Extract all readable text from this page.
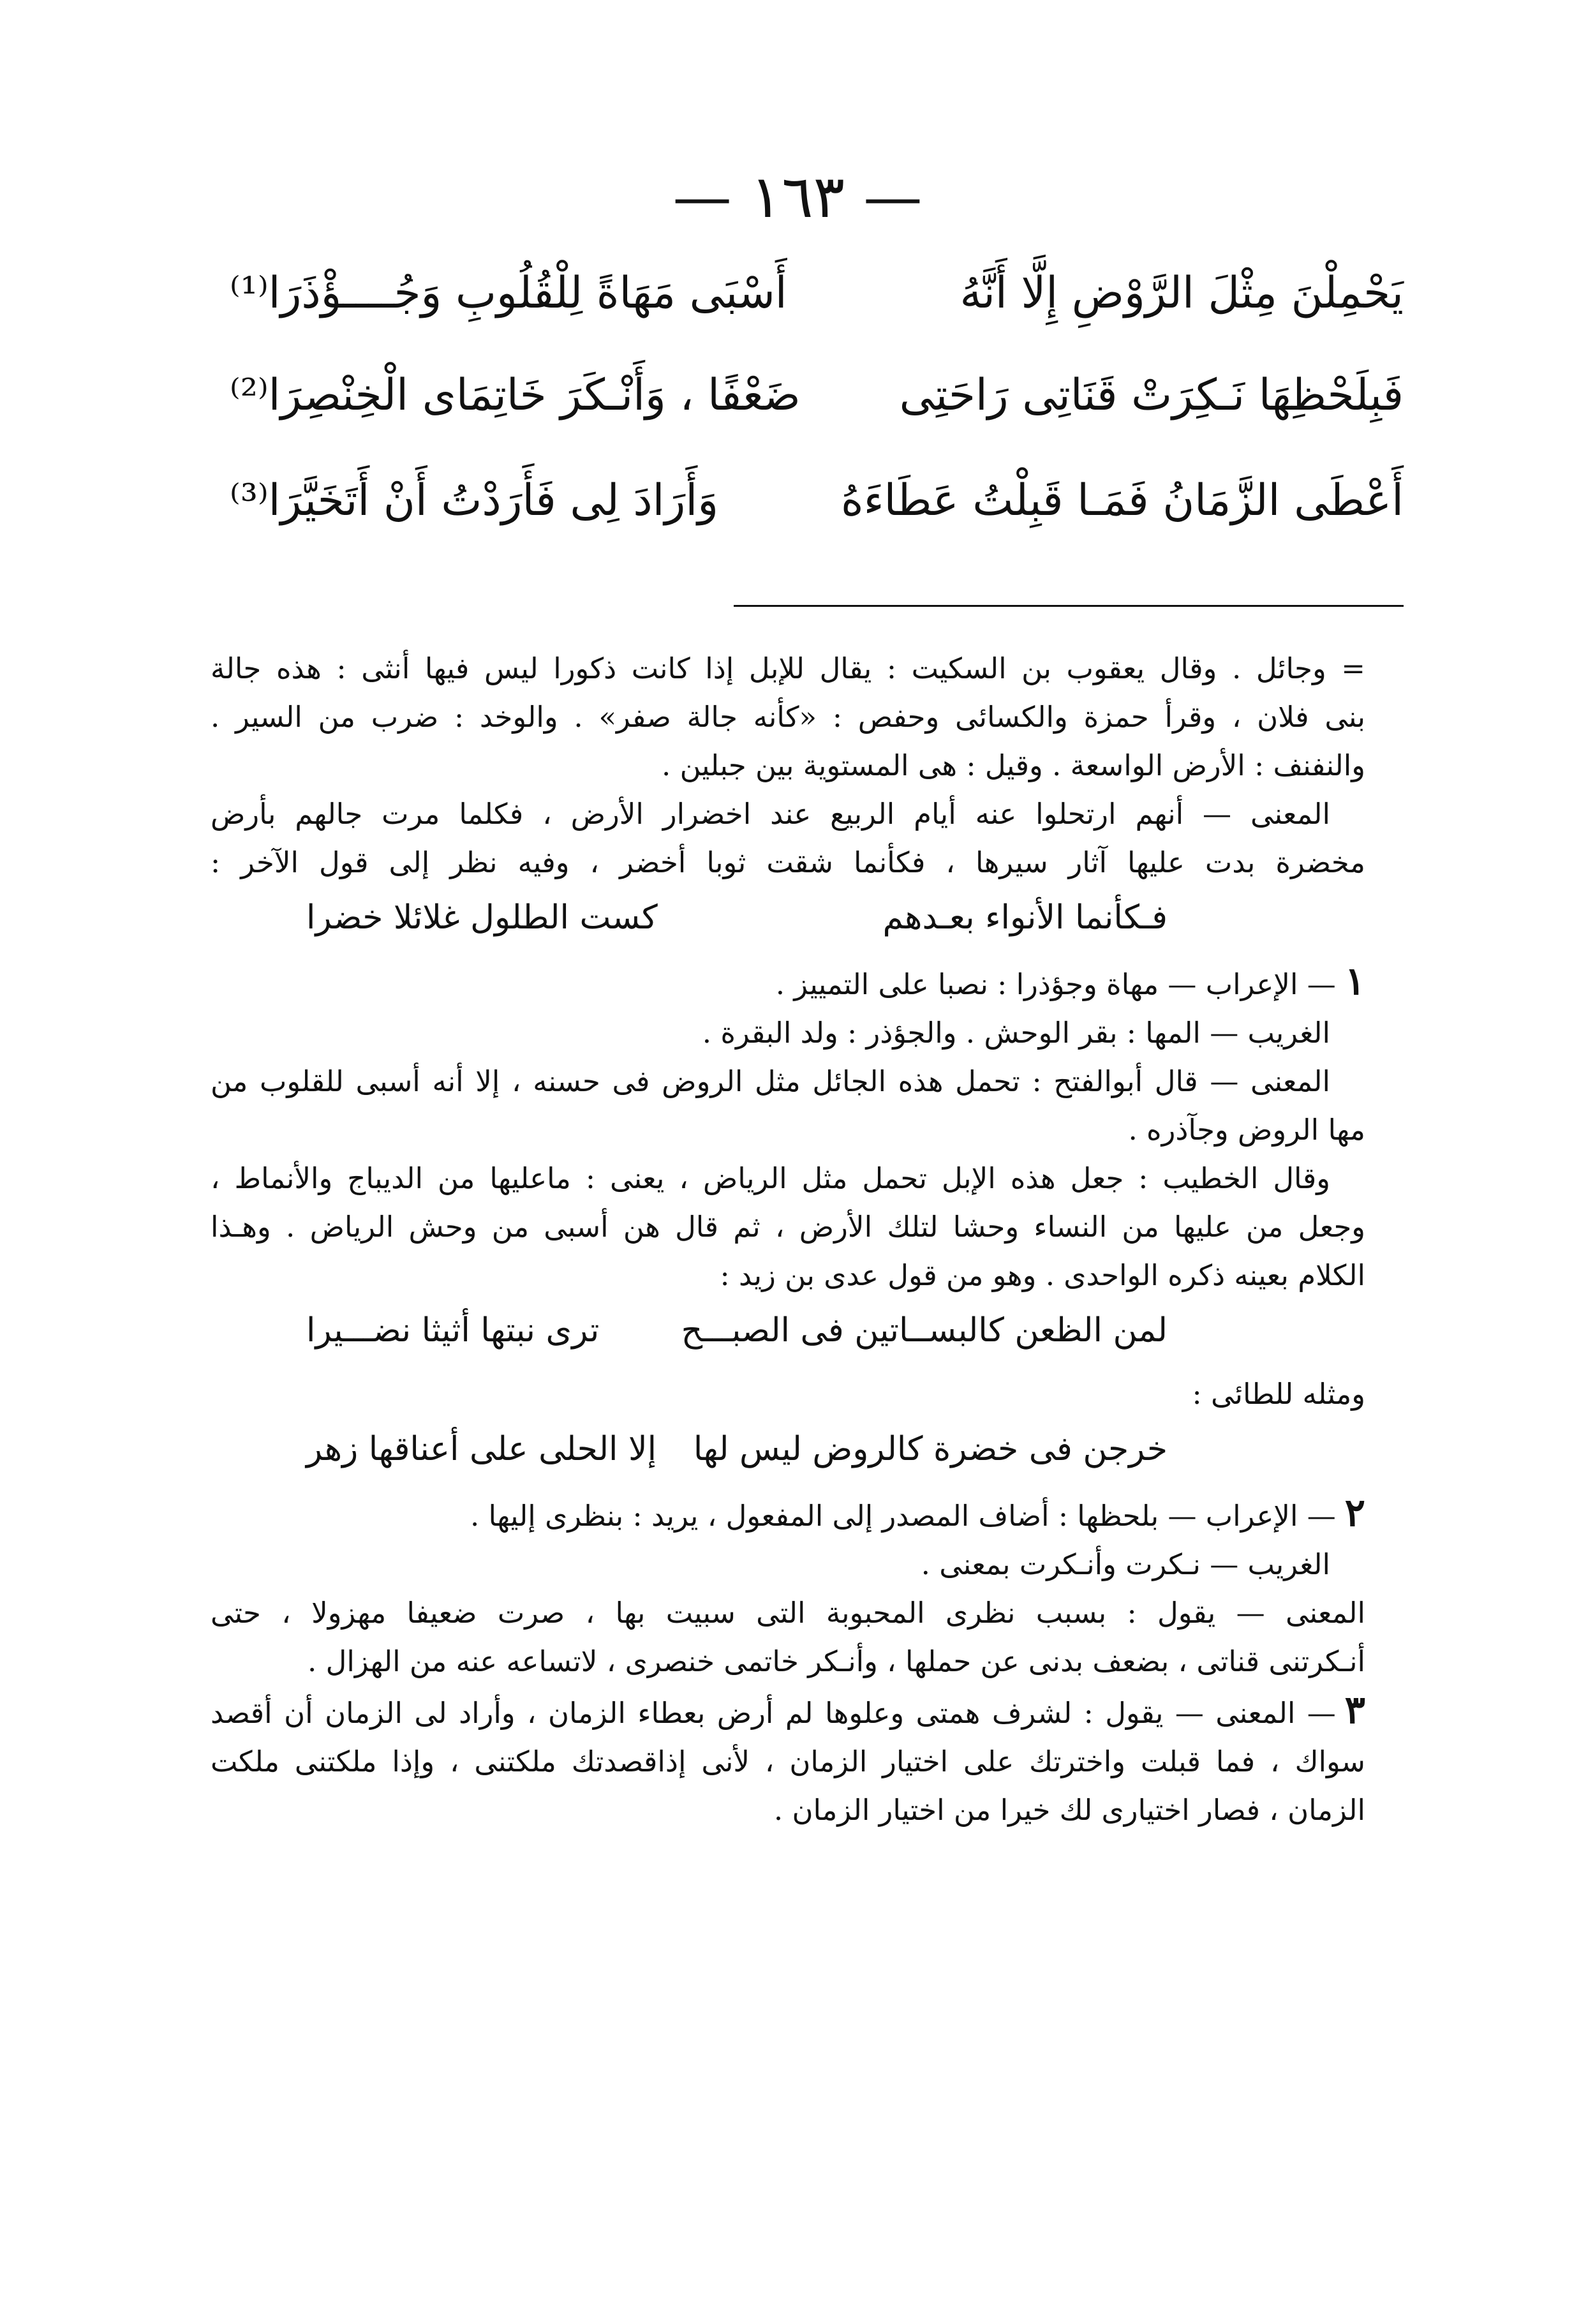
— ١٦٣ —
يَحْمِلْنَ مِثْلَ الرَّوْضِ إِلَّا أَنَّهُ
أَسْبَى مَهَاةً لِلْقُلُوبِ وَجُــــؤْذَرَا⁽¹⁾
فَبِلَحْظِهَا نَـكِرَتْ قَنَاتِى رَاحَتِى
ضَعْفًا ، وَأَنْـكَرَ خَاتِمَاى الْخِنْصِرَا⁽²⁾
أَعْطَى الزَّمَانُ فَمَـا قَبِلْتُ عَطَاءَهُ
وَأَرَادَ لِى فَأَرَدْتُ أَنْ أَتَخَيَّرَا⁽³⁾
= وجائل . وقال يعقوب بن السكيت : يقال للإبل إذا كانت ذكورا ليس فيها أنثى : هذه جالة
بنى فلان ، وقرأ حمزة والكسائى وحفص : «كأنه جالة صفر» . والوخد : ضرب من السير .
والنفنف : الأرض الواسعة . وقيل : هى المستوية بين جبلين .
المعنى — أنهم ارتحلوا عنه أيام الربيع عند اخضرار الأرض ، فكلما مرت جالهم بأرض
مخضرة بدت عليها آثار سيرها ، فكأنما شقت ثوبا أخضر ، وفيه نظر إلى قول الآخر :
فـكأنما الأنواء بعـدهم
كست الطلول غلائلا خضرا
١— الإعراب — مهاة وجؤذرا : نصبا على التمييز .
الغريب — المها : بقر الوحش . والجؤذر : ولد البقرة .
المعنى — قال أبوالفتح : تحمل هذه الجائل مثل الروض فى حسنه ، إلا أنه أسبى للقلوب من
مها الروض وجآذره .
وقال الخطيب : جعل هذه الإبل تحمل مثل الرياض ، يعنى : ماعليها من الديباج والأنماط ،
وجعل من عليها من النساء وحشا لتلك الأرض ، ثم قال هن أسبى من وحش الرياض . وهـذا
الكلام بعينه ذكره الواحدى . وهو من قول عدى بن زيد :
لمن الظعن كالبســاتين فى الصبـــح
ترى نبتها أثيثا نضـــيرا
ومثله للطائى :
خرجن فى خضرة كالروض ليس لها
إلا الحلى على أعناقها زهر
٢— الإعراب — بلحظها : أضاف المصدر إلى المفعول ، يريد : بنظرى إليها .
الغريب — نـكرت وأنـكرت بمعنى .
المعنى — يقول : بسبب نظرى المحبوبة التى سبيت بها ، صرت ضعيفا مهزولا ، حتى
أنـكرتنى قناتى ، بضعف بدنى عن حملها ، وأنـكر خاتمى خنصرى ، لاتساعه عنه من الهزال .
٣— المعنى — يقول : لشرف همتى وعلوها لم أرض بعطاء الزمان ، وأراد لى الزمان أن أقصد
سواك ، فما قبلت واخترتك على اختيار الزمان ، لأنى إذاقصدتك ملكتنى ، وإذا ملكتنى ملكت
الزمان ، فصار اختيارى لك خيرا من اختيار الزمان .
